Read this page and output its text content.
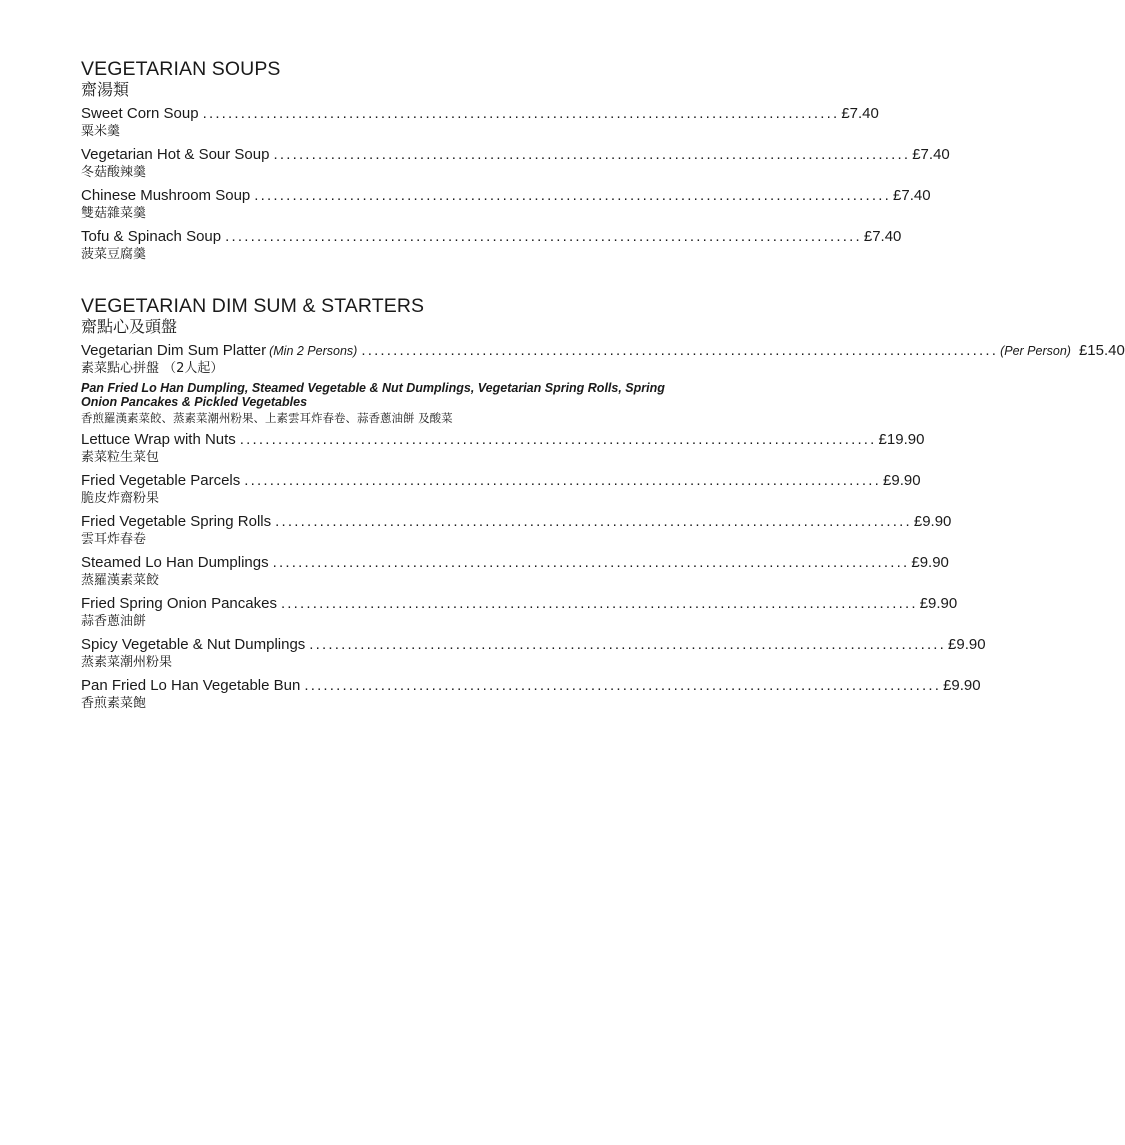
VEGETARIAN SOUPS
齋湯類
Sweet Corn Soup .................................................................................................... £7.40
粟米羹
Vegetarian Hot & Sour Soup .................................................................................................... £7.40
冬菇酸辣羹
Chinese Mushroom Soup .................................................................................................... £7.40
雙菇雜菜羹
Tofu & Spinach Soup .................................................................................................... £7.40
菠菜豆腐羹
VEGETARIAN DIM SUM & STARTERS
齋點心及頭盤
Vegetarian Dim Sum Platter (Min 2 Persons) .................................................................................................... (Per Person) £15.40
素菜點心拼盤 （2人起）
Pan Fried Lo Han Dumpling, Steamed Vegetable & Nut Dumplings, Vegetarian Spring Rolls, Spring Onion Pancakes & Pickled Vegetables
香煎羅漢素菜餃、蒸素菜潮州粉果、上素雲耳炸春卷、蒜香蔥油餅 及酸菜
Lettuce Wrap with Nuts .................................................................................................... £19.90
素菜粒生菜包
Fried Vegetable Parcels .................................................................................................... £9.90
脆皮炸齋粉果
Fried Vegetable Spring Rolls .................................................................................................... £9.90
雲耳炸春卷
Steamed Lo Han Dumplings .................................................................................................... £9.90
蒸羅漢素菜餃
Fried Spring Onion Pancakes .................................................................................................... £9.90
蒜香蔥油餅
Spicy Vegetable & Nut Dumplings .................................................................................................... £9.90
蒸素菜潮州粉果
Pan Fried Lo Han Vegetable Bun .................................................................................................... £9.90
香煎素菜飽
